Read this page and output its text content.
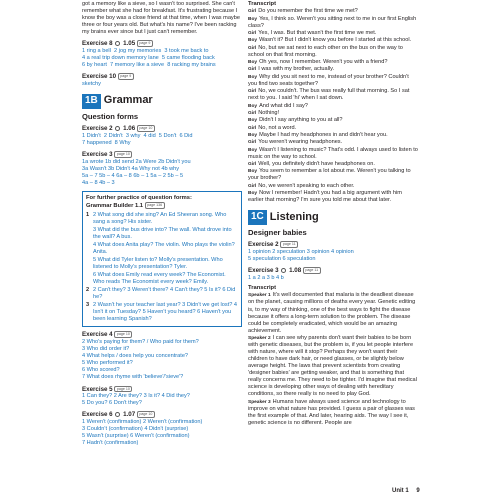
got a memory like a sieve, so I wasn't too surprised. She can't remember what she had for breakfast. It's frustrating because I know the boy was a close friend at that time, when I was maybe three or four years old. But what's his name? I've been racking my brains ever since but I just can't remember.

Exercise 8 1.05 page 9
1 ring a bell 2 jog my memories 3 took me back to
4 a real trip down memory lane 5 came flooding back
6 by heart 7 memory like a sieve 8 racking my brains
Exercise 10 page 9
sketchy
1B Grammar
Question forms
Exercise 2 1.06 page 10
1 Didn't 2 Didn't 3 why 4 did 5 Don't 6 Did
7 happened 8 Why
Exercise 3 page 10
1a wrote 1b did send 2a Were 2b Didn't you
3a Wasn't 3b Didn't 4a Why not 4b why
5a – 7 5b – 4 6a – 8 6b – 1 5a – 2 5b – 5
4a – 8 4b – 3
For further practice of question forms:
Grammar Builder 1.1 page 136
1 2 What song did she sing? An Ed Sheeran song. Who sang a song? His sister.
3 What did the bus drive into? The wall. What drove into the wall? A bus.
4 What does Anita play? The violin. Who plays the violin? Anita.
5 What did Tyler listen to? Molly's presentation. Who listened to Molly's presentation? Tyler.
6 What does Emily read every week? The Economist. Who reads The Economist every week? Emily.
2 2 Can't they? 3 Weren't there? 4 Can't they? 5 Is it? 6 Did he?
3 2 Wasn't he your teacher last year? 3 Didn't we get lost? 4 Isn't it on Tuesday? 5 Haven't you heard? 6 Haven't you been learning Spanish?
Exercise 4 page 10
2 Who's paying for them? / Who paid for them?
3 Who did order it?
4 What helps / does help you concentrate?
5 Who performed it?
6 Who scored?
7 What does rhyme with 'believe'/'sieve'?
Exercise 5 page 10
1 Can they? 2 Are they? 3 Is it? 4 Did they?
5 Do you? 6 Don't they?
Exercise 6 1.07 page 10
1 Weren't (confirmation) 2 Weren't (confirmation)
3 Couldn't (confirmation) 4 Didn't (surprise)
5 Wasn't (surprise) 6 Weren't (confirmation)
7 Hadn't (confirmation)
Transcript
Girl Do you remember the first time we met?
Boy Yes, I think so. Weren't you sitting next to me in our first English class?
Girl Yes, I was. But that wasn't the first time we met.
Boy Wasn't it? But I didn't know you before I started at this school.
Girl No, but we sat next to each other on the bus on the way to school on that first morning.
Boy Oh yes, now I remember. Weren't you with a friend?
Girl I was with my brother, actually.
Boy Why did you sit next to me, instead of your brother? Couldn't you find two seats together?
Girl No, we couldn't. The bus was really full that morning. So I sat next to you. I said 'hi' when I sat down.
Boy And what did I say?
Girl Nothing!
Boy Didn't I say anything to you at all?
Girl No, not a word.
Boy Maybe I had my headphones in and didn't hear you.
Girl You weren't wearing headphones.
Boy Wasn't I listening to music? That's odd. I always used to listen to music on the way to school.
Girl Well, you definitely didn't have headphones on.
Boy You seem to remember a lot about me. Weren't you talking to your brother?
Girl No, we weren't speaking to each other.
Boy Now I remember! Hadn't you had a big argument with him earlier that morning? I'm sure you told me about that later.
1C Listening
Designer babies
Exercise 2 page 11
1 opinion 2 speculation 3 opinion 4 opinion
5 speculation 6 speculation
Exercise 3 1.08 page 11
1 a 2 a 3 b 4 b
Transcript
Speaker 1 It's well documented that malaria is the deadliest disease on the planet, causing millions of deaths every year. Genetic editing is, to my way of thinking, one of the best ways to fight the disease because it offers a long-term solution to the problem. The disease could be completely eradicated, which would be an amazing achievement.
Speaker 2 I can see why parents don't want their babies to be born with genetic diseases, but the problem is, if you let people interfere with nature, where will it stop? Perhaps they won't want their children to have dark hair, or need glasses, or be slightly below average height. The laws that prevent scientists from creating 'designer babies' are getting weaker, and that is something that really concerns me. They need to be tighter. I'd imagine that medical science is developing other ways of dealing with hereditary conditions, so there really is no need to play God.
Speaker 3 Humans have always used science and technology to improve on what nature has provided. I guess a pair of glasses was the first example of that. And later, hearing aids. The way I see it, genetic science is no different. People are
Unit 1 9
